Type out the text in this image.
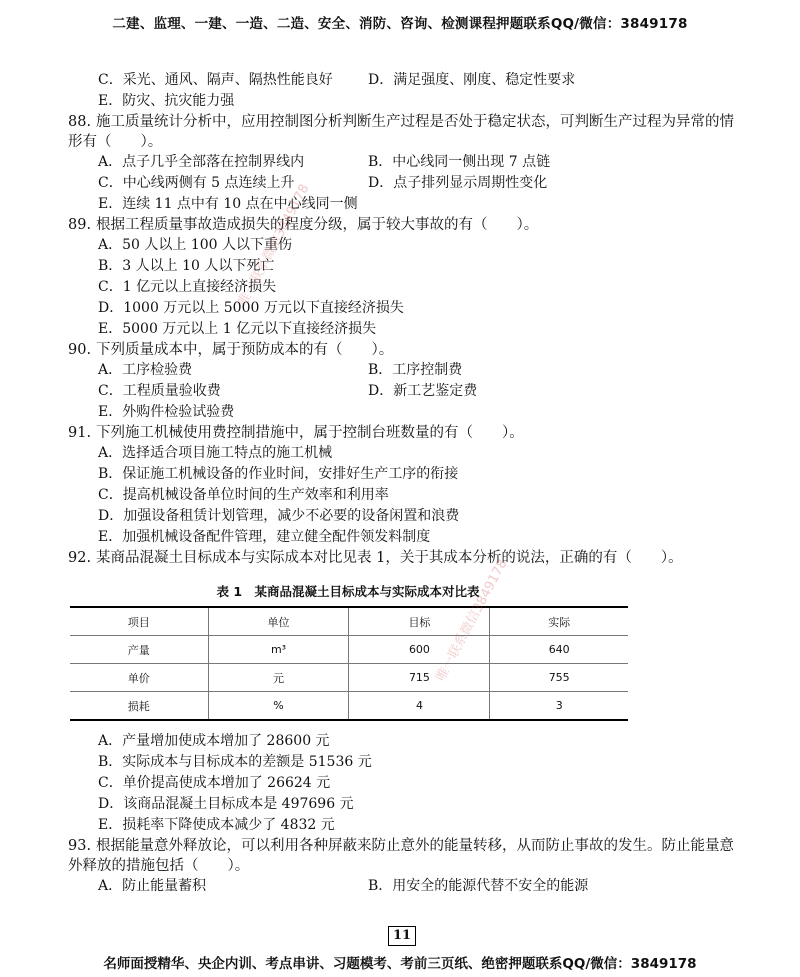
二建、监理、一建、一造、二造、安全、消防、咨询、检测课程押题联系QQ/微信：3849178
C．采光、通风、隔声、隔热性能良好	D．满足强度、刚度、稳定性要求
E．防灾、抗灾能力强
88. 施工质量统计分析中，应用控制图分析判断生产过程是否处于稳定状态，可判断生产过程为异常的情形有（　　）。
A．点子几乎全部落在控制界线内	B．中心线同一侧出现 7 点链
C．中心线两侧有 5 点连续上升	D．点子排列显示周期性变化
E．连续 11 点中有 10 点在中心线同一侧
89. 根据工程质量事故造成损失的程度分级，属于较大事故的有（　　）。
A．50 人以上 100 人以下重伤
B．3 人以上 10 人以下死亡
C．1 亿元以上直接经济损失
D．1000 万元以上 5000 万元以下直接经济损失
E．5000 万元以上 1 亿元以下直接经济损失
90. 下列质量成本中，属于预防成本的有（　　）。
A．工序检验费	B．工序控制费
C．工程质量验收费	D．新工艺鉴定费
E．外购件检验试验费
91. 下列施工机械使用费控制措施中，属于控制台班数量的有（　　）。
A．选择适合项目施工特点的施工机械
B．保证施工机械设备的作业时间，安排好生产工序的衔接
C．提高机械设备单位时间的生产效率和利用率
D．加强设备租赁计划管理，减少不必要的设备闲置和浪费
E．加强机械设备配件管理，建立健全配件领发料制度
92. 某商品混凝土目标成本与实际成本对比见表 1，关于其成本分析的说法，正确的有（　　）。
表 1　某商品混凝土目标成本与实际成本对比表
项目	单位	目标	实际
产量	m³	600	640
单价	元	715	755
损耗	%	4	3
A．产量增加使成本增加了 28600 元
B．实际成本与目标成本的差额是 51536 元
C．单价提高使成本增加了 26624 元
D．该商品混凝土目标成本是 497696 元
E．损耗率下降使成本减少了 4832 元
93. 根据能量意外释放论，可以利用各种屏蔽来防止意外的能量转移，从而防止事故的发生。防止能量意外释放的措施包括（　　）。
A．防止能量蓄积	B．用安全的能源代替不安全的能源
唯一联系微信3849178
唯一联系微信3849178
11
名师面授精华、央企内训、考点串讲、习题模考、考前三页纸、绝密押题联系QQ/微信：3849178
